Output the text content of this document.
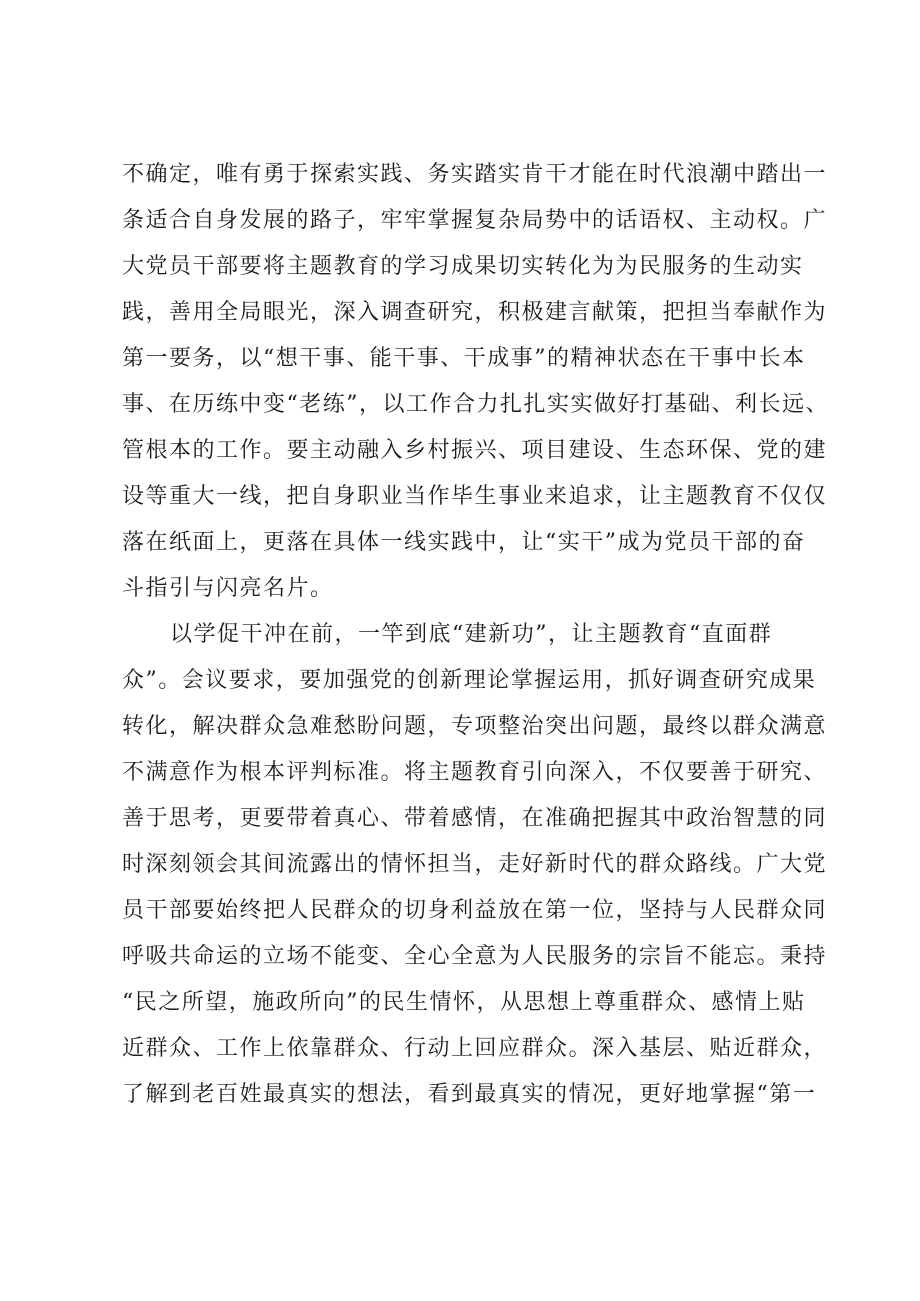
不确定，唯有勇于探索实践、务实踏实肯干才能在时代浪潮中踏出一
条适合自身发展的路子，牢牢掌握复杂局势中的话语权、主动权。广
大党员干部要将主题教育的学习成果切实转化为为民服务的生动实
践，善用全局眼光，深入调查研究，积极建言献策，把担当奉献作为
第一要务，以“想干事、能干事、干成事”的精神状态在干事中长本
事、在历练中变“老练”，以工作合力扎扎实实做好打基础、利长远、
管根本的工作。要主动融入乡村振兴、项目建设、生态环保、党的建
设等重大一线，把自身职业当作毕生事业来追求，让主题教育不仅仅
落在纸面上，更落在具体一线实践中，让“实干”成为党员干部的奋
斗指引与闪亮名片。
以学促干冲在前，一竿到底“建新功”，让主题教育“直面群
众”。会议要求，要加强党的创新理论掌握运用，抓好调查研究成果
转化，解决群众急难愁盼问题，专项整治突出问题，最终以群众满意
不满意作为根本评判标准。将主题教育引向深入，不仅要善于研究、
善于思考，更要带着真心、带着感情，在准确把握其中政治智慧的同
时深刻领会其间流露出的情怀担当，走好新时代的群众路线。广大党
员干部要始终把人民群众的切身利益放在第一位，坚持与人民群众同
呼吸共命运的立场不能变、全心全意为人民服务的宗旨不能忘。秉持
“民之所望，施政所向”的民生情怀，从思想上尊重群众、感情上贴
近群众、工作上依靠群众、行动上回应群众。深入基层、贴近群众，
了解到老百姓最真实的想法，看到最真实的情况，更好地掌握“第一
